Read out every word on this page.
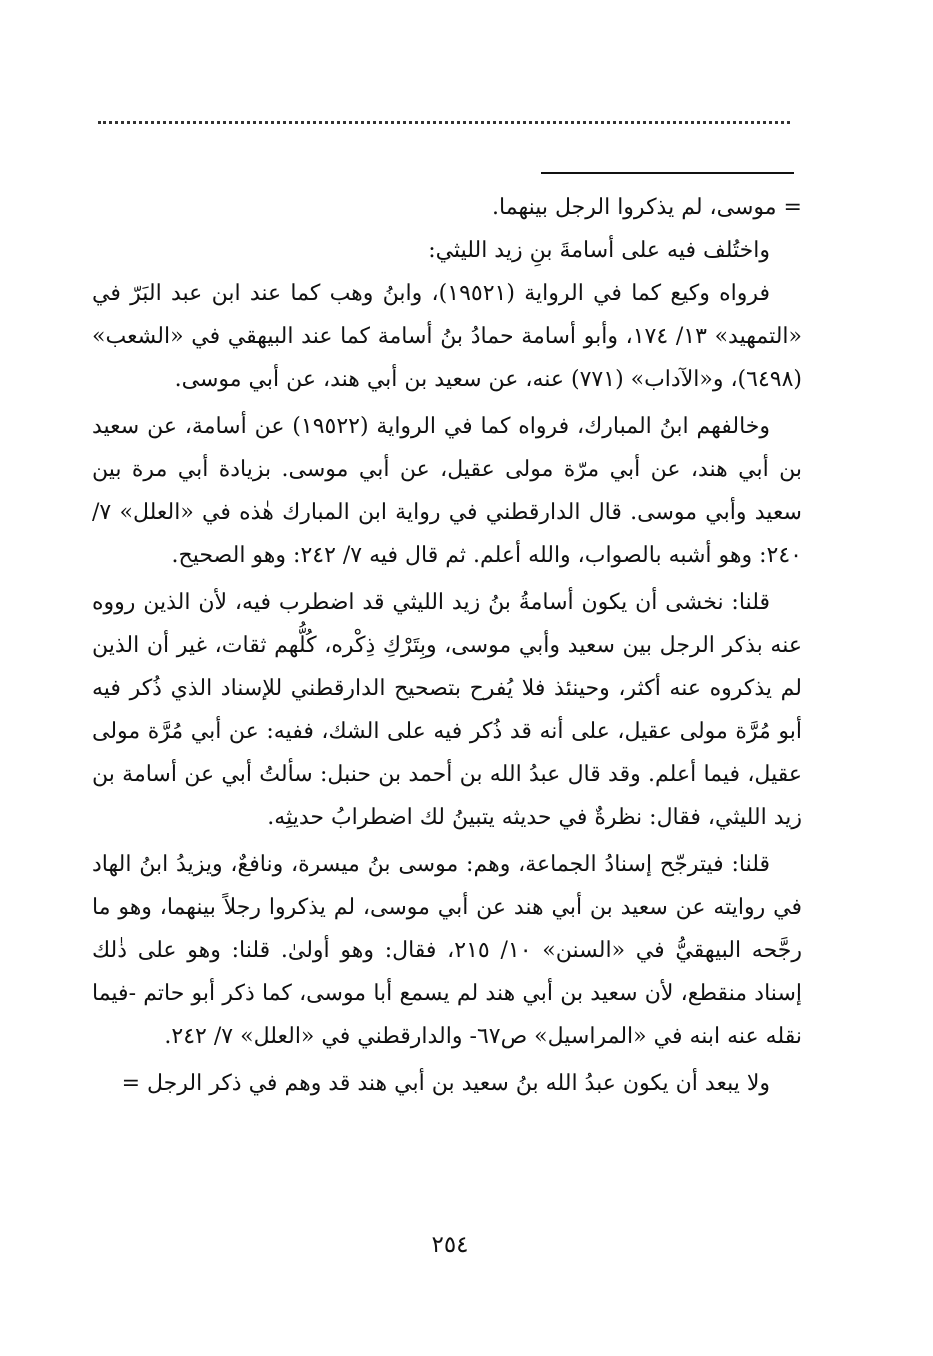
= موسى، لم يذكروا الرجل بينهما.

واختُلف فيه على أسامةَ بنِ زيد الليثي:

فرواه وكيع كما في الرواية (١٩٥٢١)، وابنُ وهب كما عند ابن عبد البَرّ في «التمهيد» ١٣/ ١٧٤، وأبو أسامة حمادُ بنُ أسامة كما عند البيهقي في «الشعب» (٦٤٩٨)، و«الآداب» (٧٧١) عنه، عن سعيد بن أبي هند، عن أبي موسى.

وخالفهم ابنُ المبارك، فرواه كما في الرواية (١٩٥٢٢) عن أسامة، عن سعيد بن أبي هند، عن أبي مرّة مولى عقيل، عن أبي موسى. بزيادة أبي مرة بين سعيد وأبي موسى. قال الدارقطني في رواية ابن المبارك هٰذه في «العلل» ٧/ ٢٤٠: وهو أشبه بالصواب، والله أعلم. ثم قال فيه ٧/ ٢٤٢: وهو الصحيح.

قلنا: نخشى أن يكون أسامةُ بنُ زيد الليثي قد اضطرب فيه، لأن الذين رووه عنه بذكر الرجل بين سعيد وأبي موسى، وبِتَرْكِ ذِكْره، كُلُّهم ثقات، غير أن الذين لم يذكروه عنه أكثر، وحينئذ فلا يُفرح بتصحيح الدارقطني للإسناد الذي ذُكر فيه أبو مُرَّة مولى عقيل، على أنه قد ذُكر فيه على الشك، ففيه: عن أبي مُرَّة مولى عقيل، فيما أعلم. وقد قال عبدُ الله بن أحمد بن حنبل: سألتُ أبي عن أسامة بن زيد الليثي، فقال: نظرةٌ في حديثه يتبينُ لك اضطرابُ حديثِه.

قلنا: فيترجّح إسنادُ الجماعة، وهم: موسى بنُ ميسرة، ونافعٌ، ويزيدُ ابنُ الهاد في روايته عن سعيد بن أبي هند عن أبي موسى، لم يذكروا رجلاً بينهما، وهو ما رجَّحه البيهقيُّ في «السنن» ١٠/ ٢١٥، فقال: وهو أولىٰ. قلنا: وهو على ذٰلك إسناد منقطع، لأن سعيد بن أبي هند لم يسمع أبا موسى، كما ذكر أبو حاتم -فيما نقله عنه ابنه في «المراسيل» ص٦٧- والدارقطني في «العلل» ٧/ ٢٤٢.

ولا يبعد أن يكون عبدُ الله بنُ سعيد بن أبي هند قد وهم في ذكر الرجل =

٢٥٤
